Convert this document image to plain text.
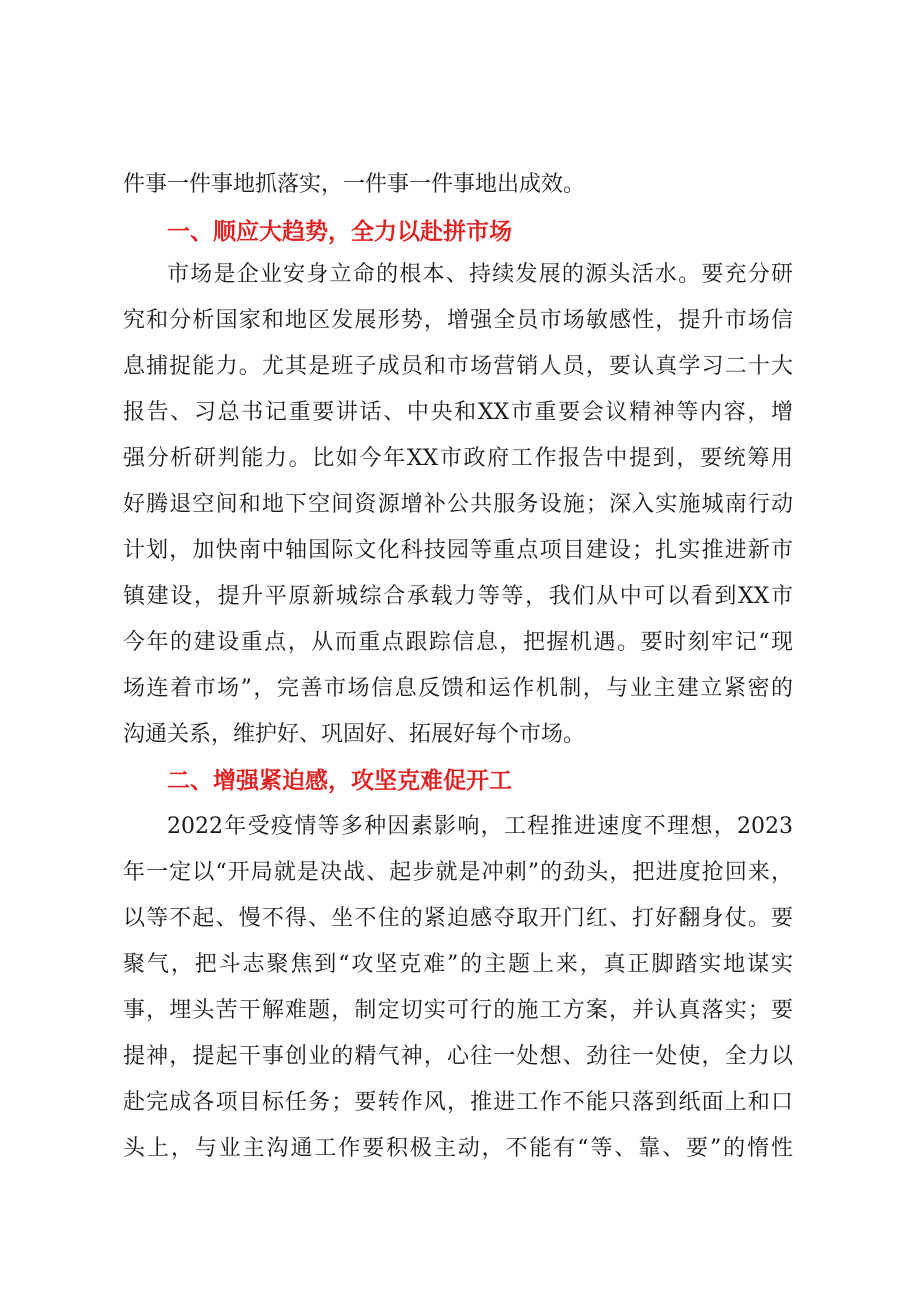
件事一件事地抓落实，一件事一件事地出成效。
一、顺应大趋势，全力以赴拼市场
市场是企业安身立命的根本、持续发展的源头活水。要充分研
究和分析国家和地区发展形势，增强全员市场敏感性，提升市场信
息捕捉能力。尤其是班子成员和市场营销人员，要认真学习二十大
报告、习总书记重要讲话、中央和XX市重要会议精神等内容，增
强分析研判能力。比如今年XX市政府工作报告中提到，要统筹用
好腾退空间和地下空间资源增补公共服务设施；深入实施城南行动
计划，加快南中轴国际文化科技园等重点项目建设；扎实推进新市
镇建设，提升平原新城综合承载力等等，我们从中可以看到XX市
今年的建设重点，从而重点跟踪信息，把握机遇。要时刻牢记“现
场连着市场”，完善市场信息反馈和运作机制，与业主建立紧密的
沟通关系，维护好、巩固好、拓展好每个市场。
二、增强紧迫感，攻坚克难促开工
2022年受疫情等多种因素影响，工程推进速度不理想，2023
年一定以“开局就是决战、起步就是冲刺”的劲头，把进度抢回来，
以等不起、慢不得、坐不住的紧迫感夺取开门红、打好翻身仗。要
聚气，把斗志聚焦到“攻坚克难”的主题上来，真正脚踏实地谋实
事，埋头苦干解难题，制定切实可行的施工方案，并认真落实；要
提神，提起干事创业的精气神，心往一处想、劲往一处使，全力以
赴完成各项目标任务；要转作风，推进工作不能只落到纸面上和口
头上，与业主沟通工作要积极主动，不能有“等、靠、要”的惰性
